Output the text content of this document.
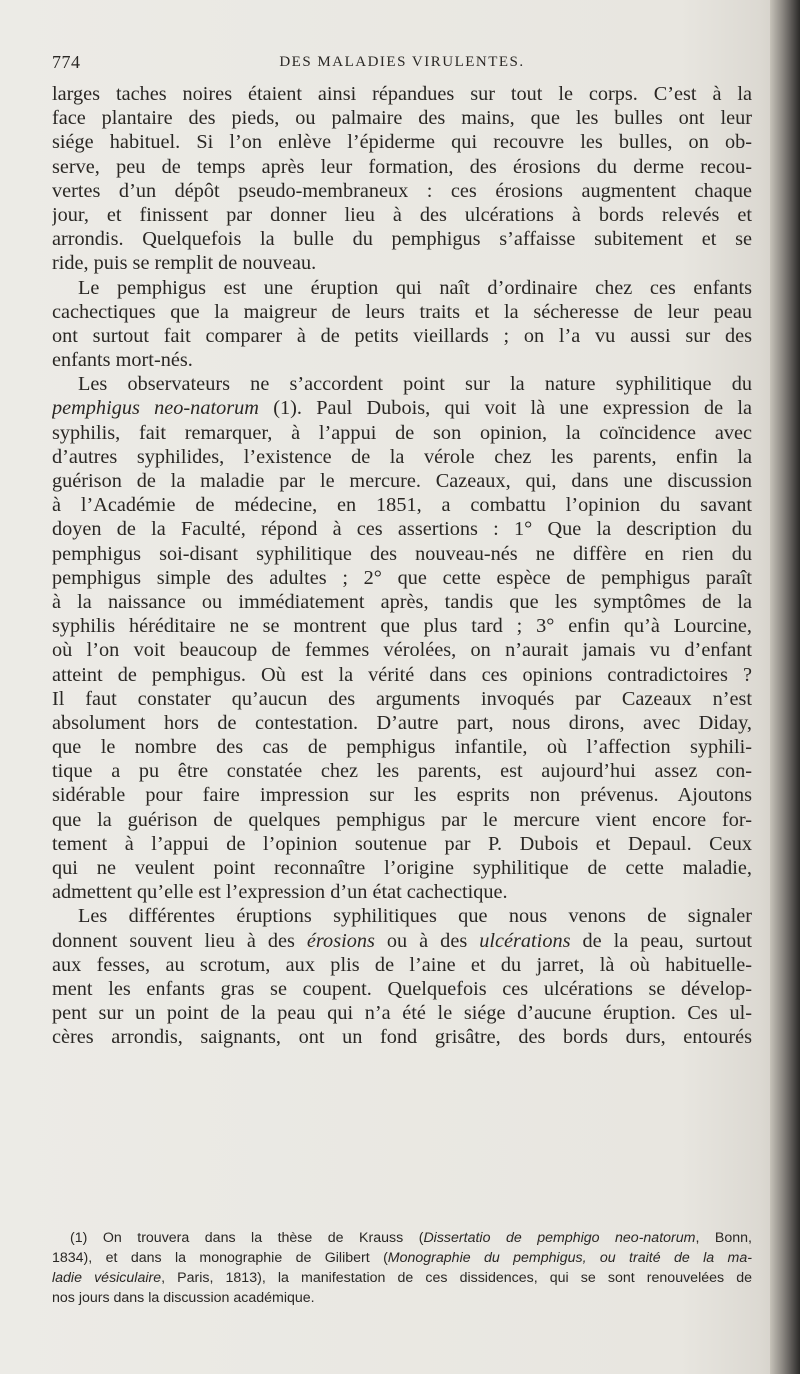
774	DES MALADIES VIRULENTES.
larges taches noires étaient ainsi répandues sur tout le corps. C’est à la
face plantaire des pieds, ou palmaire des mains, que les bulles ont leur
siége habituel. Si l’on enlève l’épiderme qui recouvre les bulles, on ob-
serve, peu de temps après leur formation, des érosions du derme recou-
vertes d’un dépôt pseudo-membraneux : ces érosions augmentent chaque
jour, et finissent par donner lieu à des ulcérations à bords relevés et
arrondis. Quelquefois la bulle du pemphigus s’affaisse subitement et se
ride, puis se remplit de nouveau.
Le pemphigus est une éruption qui naît d’ordinaire chez ces enfants
cachectiques que la maigreur de leurs traits et la sécheresse de leur peau
ont surtout fait comparer à de petits vieillards ; on l’a vu aussi sur des
enfants mort-nés.
Les observateurs ne s’accordent point sur la nature syphilitique du
pemphigus neo-natorum (1). Paul Dubois, qui voit là une expression de la
syphilis, fait remarquer, à l’appui de son opinion, la coïncidence avec
d’autres syphilides, l’existence de la vérole chez les parents, enfin la
guérison de la maladie par le mercure. Cazeaux, qui, dans une discussion
à l’Académie de médecine, en 1851, a combattu l’opinion du savant
doyen de la Faculté, répond à ces assertions : 1° Que la description du
pemphigus soi-disant syphilitique des nouveau-nés ne diffère en rien du
pemphigus simple des adultes ; 2° que cette espèce de pemphigus paraît
à la naissance ou immédiatement après, tandis que les symptômes de la
syphilis héréditaire ne se montrent que plus tard ; 3° enfin qu’à Lourcine,
où l’on voit beaucoup de femmes vérolées, on n’aurait jamais vu d’enfant
atteint de pemphigus. Où est la vérité dans ces opinions contradictoires ?
Il faut constater qu’aucun des arguments invoqués par Cazeaux n’est
absolument hors de contestation. D’autre part, nous dirons, avec Diday,
que le nombre des cas de pemphigus infantile, où l’affection syphili-
tique a pu être constatée chez les parents, est aujourd’hui assez con-
sidérable pour faire impression sur les esprits non prévenus. Ajoutons
que la guérison de quelques pemphigus par le mercure vient encore for-
tement à l’appui de l’opinion soutenue par P. Dubois et Depaul. Ceux
qui ne veulent point reconnaître l’origine syphilitique de cette maladie,
admettent qu’elle est l’expression d’un état cachectique.
Les différentes éruptions syphilitiques que nous venons de signaler
donnent souvent lieu à des érosions ou à des ulcérations de la peau, surtout
aux fesses, au scrotum, aux plis de l’aine et du jarret, là où habituelle-
ment les enfants gras se coupent. Quelquefois ces ulcérations se dévelop-
pent sur un point de la peau qui n’a été le siége d’aucune éruption. Ces ul-
cères arrondis, saignants, ont un fond grisâtre, des bords durs, entourés
(1) On trouvera dans la thèse de Krauss (Dissertatio de pemphigo neo-natorum, Bonn,
1834), et dans la monographie de Gilibert (Monographie du pemphigus, ou traité de la ma-
ladie vésiculaire, Paris, 1813), la manifestation de ces dissidences, qui se sont renouvelées de
nos jours dans la discussion académique.
